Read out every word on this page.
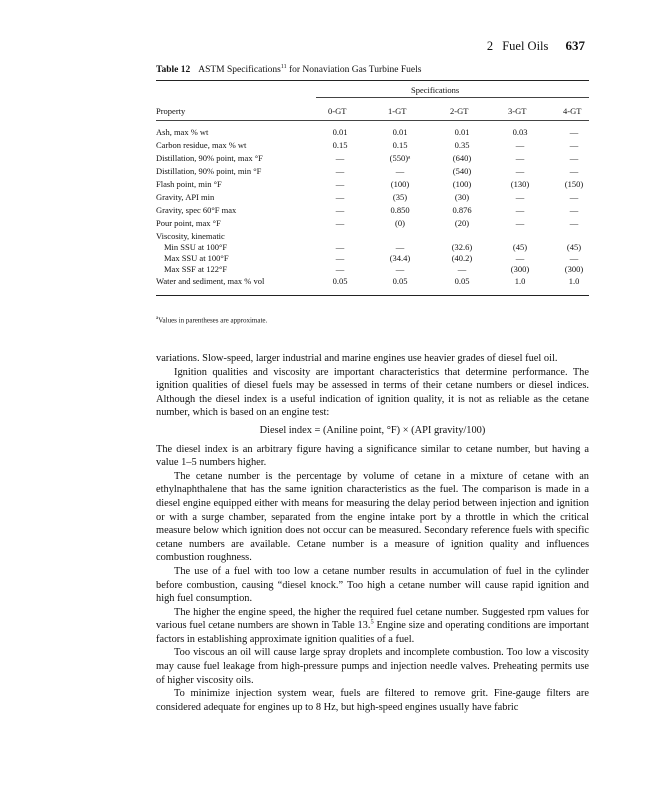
2 Fuel Oils 637
Table 12 ASTM Specifications$^{11}$ for Nonaviation Gas Turbine Fuels
Specifications
Property	0-GT	1-GT	2-GT	3-GT	4-GT
Ash, max % wt	0.01	0.01	0.01	0.03	—
Carbon residue, max % wt	0.15	0.15	0.35	—	—
Distillation, 90% point, max °F	—	(550)ᵃ	(640)	—	—
Distillation, 90% point, min °F	—	—	(540)	—	—
Flash point, min °F	—	(100)	(100)	(130)	(150)
Gravity, API min	—	(35)	(30)	—	—
Gravity, spec 60°F max	—	0.850	0.876	—	—
Pour point, max °F	—	(0)	(20)	—	—
Viscosity, kinematic
Min SSU at 100°F	—	—	(32.6)	(45)	(45)
Max SSU at 100°F	—	(34.4)	(40.2)	—	—
Max SSF at 122°F	—	—	—	(300)	(300)
Water and sediment, max % vol	0.05	0.05	0.05	1.0	1.0
$^a$Values in parentheses are approximate.

variations. Slow-speed, larger industrial and marine engines use heavier grades of diesel fuel oil.

Ignition qualities and viscosity are important characteristics that determine performance. The ignition qualities of diesel fuels may be assessed in terms of their cetane numbers or diesel indices. Although the diesel index is a useful indication of ignition quality, it is not as reliable as the cetane number, which is based on an engine test:

Diesel index = (Aniline point, °F) × (API gravity/100)

The diesel index is an arbitrary figure having a significance similar to cetane number, but having a value 1–5 numbers higher.

The cetane number is the percentage by volume of cetane in a mixture of cetane with an ethylnaphthalene that has the same ignition characteristics as the fuel. The comparison is made in a diesel engine equipped either with means for measuring the delay period between injection and ignition or with a surge chamber, separated from the engine intake port by a throttle in which the critical measure below which ignition does not occur can be measured. Secondary reference fuels with specific cetane numbers are available. Cetane number is a measure of ignition quality and influences combustion roughness.

The use of a fuel with too low a cetane number results in accumulation of fuel in the cylinder before combustion, causing “diesel knock.” Too high a cetane number will cause rapid ignition and high fuel consumption.

The higher the engine speed, the higher the required fuel cetane number. Suggested rpm values for various fuel cetane numbers are shown in Table 13.$^5$ Engine size and operating conditions are important factors in establishing approximate ignition qualities of a fuel.

Too viscous an oil will cause large spray droplets and incomplete combustion. Too low a viscosity may cause fuel leakage from high-pressure pumps and injection needle valves. Preheating permits use of higher viscosity oils.

To minimize injection system wear, fuels are filtered to remove grit. Fine-gauge filters are considered adequate for engines up to 8 Hz, but high-speed engines usually have fabric
